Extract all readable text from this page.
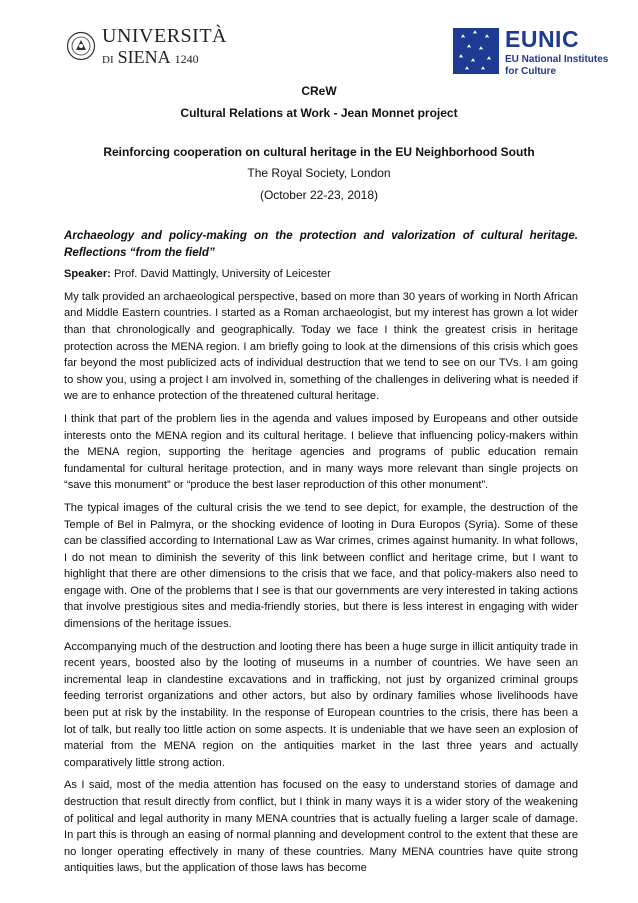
UNIVERSITÀ
DI SIENA 1240
EUNIC
EU National Institutes
for Culture
CReW
Cultural Relations at Work - Jean Monnet project
Reinforcing cooperation on cultural heritage in the EU Neighborhood South
The Royal Society, London
(October 22-23, 2018)

Archaeology and policy-making on the protection and valorization of cultural heritage. Reflections “from the field”

Speaker: Prof. David Mattingly, University of Leicester

My talk provided an archaeological perspective, based on more than 30 years of working in North African and Middle Eastern countries. I started as a Roman archaeologist, but my interest has grown a lot wider than that chronologically and geographically. Today we face I think the greatest crisis in heritage protection across the MENA region. I am briefly going to look at the dimensions of this crisis which goes far beyond the most publicized acts of individual destruction that we tend to see on our TVs. I am going to show you, using a project I am involved in, something of the challenges in delivering what is needed if we are to enhance protection of the threatened cultural heritage.

I think that part of the problem lies in the agenda and values imposed by Europeans and other outside interests onto the MENA region and its cultural heritage. I believe that influencing policy-makers within the MENA region, supporting the heritage agencies and programs of public education remain fundamental for cultural heritage protection, and in many ways more relevant than single projects on “save this monument” or “produce the best laser reproduction of this other monument”.

The typical images of the cultural crisis the we tend to see depict, for example, the destruction of the Temple of Bel in Palmyra, or the shocking evidence of looting in Dura Europos (Syria). Some of these can be classified according to International Law as War crimes, crimes against humanity. In what follows, I do not mean to diminish the severity of this link between conflict and heritage crime, but I want to highlight that there are other dimensions to the crisis that we face, and that policy-makers also need to engage with. One of the problems that I see is that our governments are very interested in taking actions that involve prestigious sites and media-friendly stories, but there is less interest in engaging with wider dimensions of the heritage issues.

Accompanying much of the destruction and looting there has been a huge surge in illicit antiquity trade in recent years, boosted also by the looting of museums in a number of countries. We have seen an incremental leap in clandestine excavations and in trafficking, not just by organized criminal groups feeding terrorist organizations and other actors, but also by ordinary families whose livelihoods have been put at risk by the instability. In the response of European countries to the crisis, there has been a lot of talk, but really too little action on some aspects. It is undeniable that we have seen an explosion of material from the MENA region on the antiquities market in the last three years and actually comparatively little strong action.

As I said, most of the media attention has focused on the easy to understand stories of damage and destruction that result directly from conflict, but I think in many ways it is a wider story of the weakening of political and legal authority in many MENA countries that is actually fueling a larger scale of damage. In part this is through an easing of normal planning and development control to the extent that these are no longer operating effectively in many of these countries. Many MENA countries have quite strong antiquities laws, but the application of those laws has become
